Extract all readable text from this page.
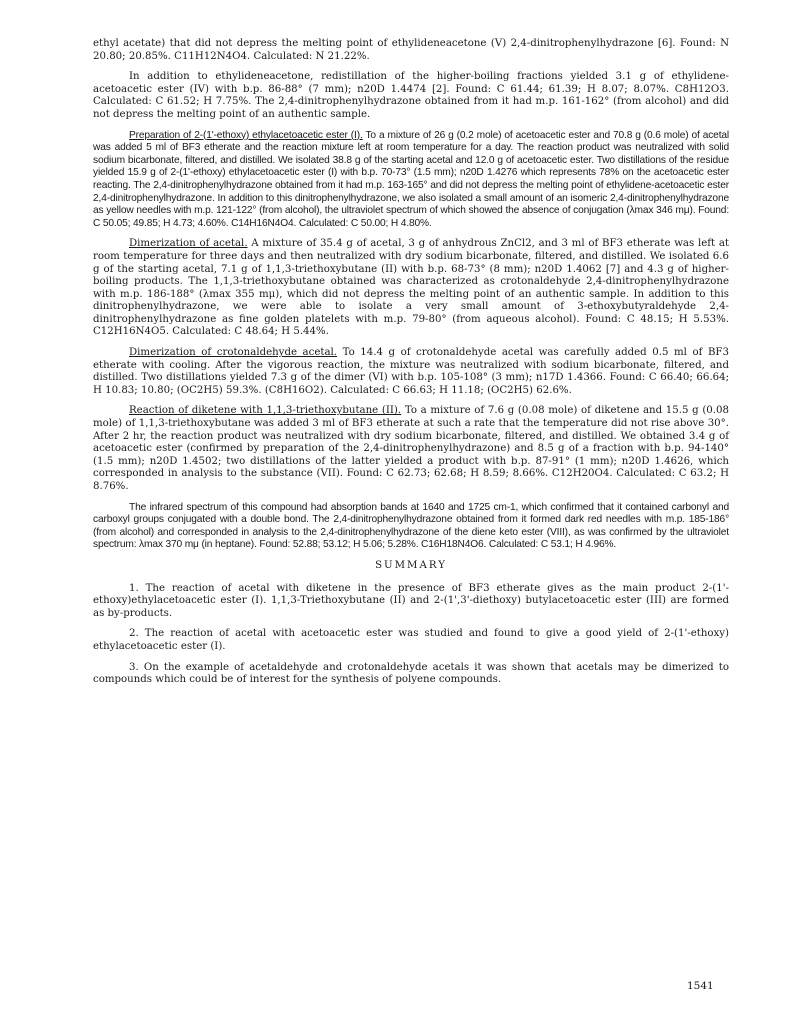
ethyl acetate) that did not depress the melting point of ethylideneacetone (V) 2,4-dinitrophenylhydrazone [6]. Found: N 20.80; 20.85%. C11H12N4O4. Calculated: N 21.22%.

In addition to ethylideneacetone, redistillation of the higher-boiling fractions yielded 3.1 g of ethylidene-acetoacetic ester (IV) with b.p. 86-88° (7 mm); n20D 1.4474 [2]. Found: C 61.44; 61.39; H 8.07; 8.07%. C8H12O3. Calculated: C 61.52; H 7.75%. The 2,4-dinitrophenylhydrazone obtained from it had m.p. 161-162° (from alcohol) and did not depress the melting point of an authentic sample.

Preparation of 2-(1'-ethoxy) ethylacetoacetic ester (I). To a mixture of 26 g (0.2 mole) of acetoacetic ester and 70.8 g (0.6 mole) of acetal was added 5 ml of BF3 etherate and the reaction mixture left at room temperature for a day. The reaction product was neutralized with solid sodium bicarbonate, filtered, and distilled. We isolated 38.8 g of the starting acetal and 12.0 g of acetoacetic ester. Two distillations of the residue yielded 15.9 g of 2-(1'-ethoxy) ethylacetoacetic ester (I) with b.p. 70-73° (1.5 mm); n20D 1.4276 which represents 78% on the acetoacetic ester reacting. The 2,4-dinitrophenylhydrazone obtained from it had m.p. 163-165° and did not depress the melting point of ethylidene-acetoacetic ester 2,4-dinitrophenylhydrazone. In addition to this dinitrophenylhydrazone, we also isolated a small amount of an isomeric 2,4-dinitrophenylhydrazone as yellow needles with m.p. 121-122° (from alcohol), the ultraviolet spectrum of which showed the absence of conjugation (λmax 346 mμ). Found: C 50.05; 49.85; H 4.73; 4.60%. C14H16N4O4. Calculated: C 50.00; H 4.80%.

Dimerization of acetal. A mixture of 35.4 g of acetal, 3 g of anhydrous ZnCl2, and 3 ml of BF3 etherate was left at room temperature for three days and then neutralized with dry sodium bicarbonate, filtered, and distilled. We isolated 6.6 g of the starting acetal, 7.1 g of 1,1,3-triethoxybutane (II) with b.p. 68-73° (8 mm); n20D 1.4062 [7] and 4.3 g of higher-boiling products. The 1,1,3-triethoxybutane obtained was characterized as crotonaldehyde 2,4-dinitrophenylhydrazone with m.p. 186-188° (λmax 355 mμ), which did not depress the melting point of an authentic sample. In addition to this dinitrophenylhydrazone, we were able to isolate a very small amount of 3-ethoxybutyraldehyde 2,4-dinitrophenylhydrazone as fine golden platelets with m.p. 79-80° (from aqueous alcohol). Found: C 48.15; H 5.53%. C12H16N4O5. Calculated: C 48.64; H 5.44%.

Dimerization of crotonaldehyde acetal. To 14.4 g of crotonaldehyde acetal was carefully added 0.5 ml of BF3 etherate with cooling. After the vigorous reaction, the mixture was neutralized with sodium bicarbonate, filtered, and distilled. Two distillations yielded 7.3 g of the dimer (VI) with b.p. 105-108° (3 mm); n17D 1.4366. Found: C 66.40; 66.64; H 10.83; 10.80; (OC2H5) 59.3%. (C8H16O2). Calculated: C 66.63; H 11.18; (OC2H5) 62.6%.

Reaction of diketene with 1,1,3-triethoxybutane (II). To a mixture of 7.6 g (0.08 mole) of diketene and 15.5 g (0.08 mole) of 1,1,3-triethoxybutane was added 3 ml of BF3 etherate at such a rate that the temperature did not rise above 30°. After 2 hr, the reaction product was neutralized with dry sodium bicarbonate, filtered, and distilled. We obtained 3.4 g of acetoacetic ester (confirmed by preparation of the 2,4-dinitrophenylhydrazone) and 8.5 g of a fraction with b.p. 94-140° (1.5 mm); n20D 1.4502; two distillations of the latter yielded a product with b.p. 87-91° (1 mm); n20D 1.4626, which corresponded in analysis to the substance (VII). Found: C 62.73; 62.68; H 8.59; 8.66%. C12H20O4. Calculated: C 63.2; H 8.76%.

The infrared spectrum of this compound had absorption bands at 1640 and 1725 cm-1, which confirmed that it contained carbonyl and carboxyl groups conjugated with a double bond. The 2,4-dinitrophenylhydrazone obtained from it formed dark red needles with m.p. 185-186° (from alcohol) and corresponded in analysis to the 2,4-dinitrophenylhydrazone of the diene keto ester (VIII), as was confirmed by the ultraviolet spectrum: λmax 370 mμ (in heptane). Found: 52.88; 53.12; H 5.06; 5.28%. C16H18N4O6. Calculated: C 53.1; H 4.96%.

SUMMARY

1. The reaction of acetal with diketene in the presence of BF3 etherate gives as the main product 2-(1'-ethoxy)ethylacetoacetic ester (I). 1,1,3-Triethoxybutane (II) and 2-(1',3'-diethoxy) butylacetoacetic ester (III) are formed as by-products.

2. The reaction of acetal with acetoacetic ester was studied and found to give a good yield of 2-(1'-ethoxy) ethylacetoacetic ester (I).

3. On the example of acetaldehyde and crotonaldehyde acetals it was shown that acetals may be dimerized to compounds which could be of interest for the synthesis of polyene compounds.

1541
